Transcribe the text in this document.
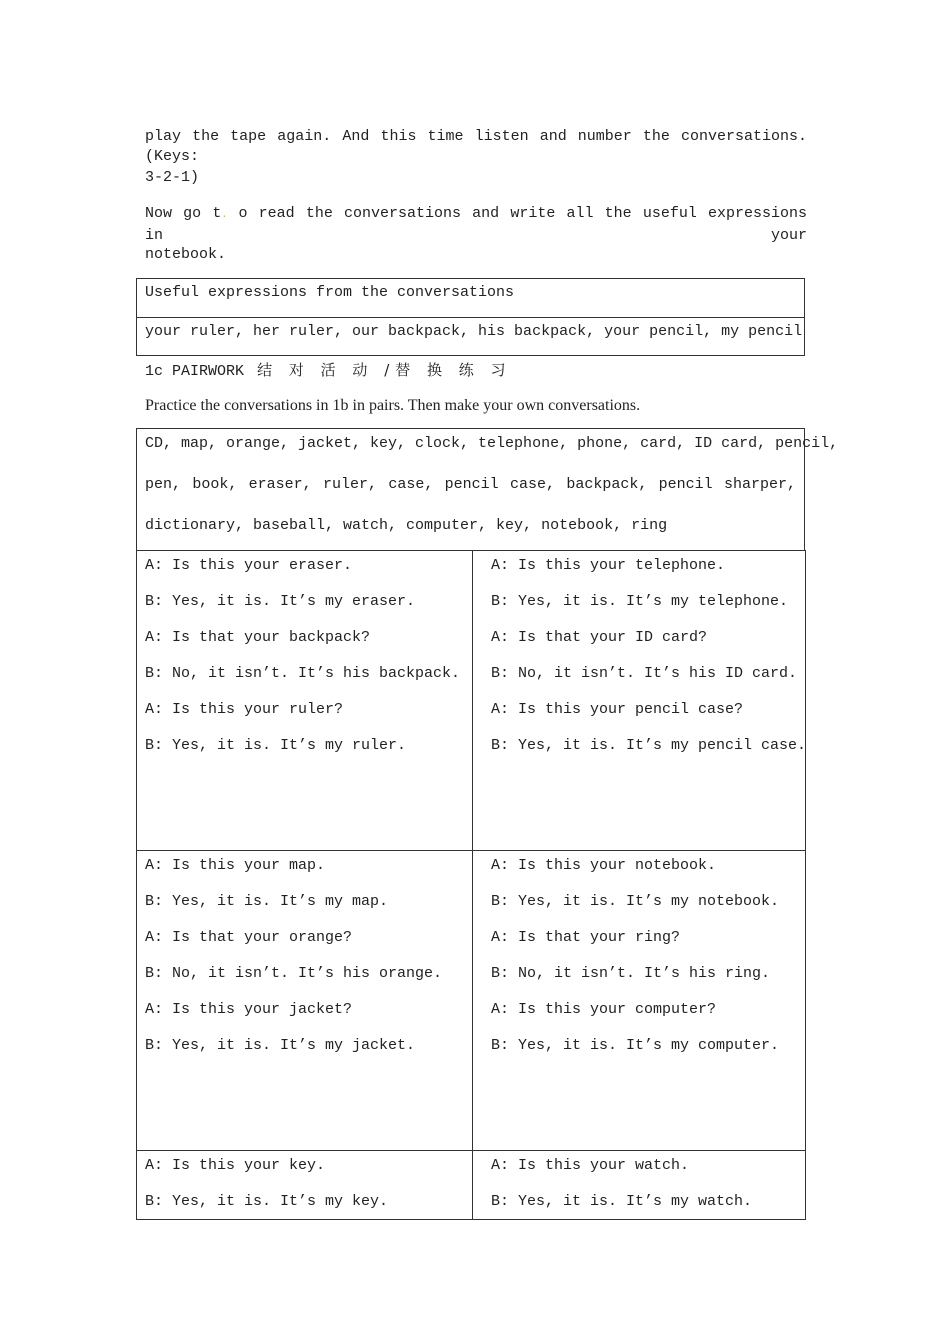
play the tape again. And this time listen and number the conversations. (Keys:
3-2-1)
Now go t. o read the conversations and write all the useful expressions in your
notebook.
Useful expressions from the conversations
your ruler, her ruler, our backpack, his backpack, your pencil, my pencil
1c PAIRWORK 结 对 活 动 /替 换 练 习
Practice the conversations in 1b in pairs. Then make your own conversations.
CD, map, orange, jacket, key, clock, telephone, phone, card, ID card, pencil,
pen, book, eraser, ruler, case, pencil case, backpack, pencil sharper,
dictionary, baseball, watch, computer, key, notebook, ring
A: Is this your eraser.
B: Yes, it is. It’s my eraser.
A: Is that your backpack?
B: No, it isn’t. It’s his backpack.
A: Is this your ruler?
B: Yes, it is. It’s my ruler.
A: Is this your telephone.
B: Yes, it is. It’s my telephone.
A: Is that your ID card?
B: No, it isn’t. It’s his ID card.
A: Is this your pencil case?
B: Yes, it is. It’s my pencil case.
A: Is this your map.
B: Yes, it is. It’s my map.
A: Is that your orange?
B: No, it isn’t. It’s his orange.
A: Is this your jacket?
B: Yes, it is. It’s my jacket.
A: Is this your notebook.
B: Yes, it is. It’s my notebook.
A: Is that your ring?
B: No, it isn’t. It’s his ring.
A: Is this your computer?
B: Yes, it is. It’s my computer.
A: Is this your key.
B: Yes, it is. It’s my key.
A: Is this your watch.
B: Yes, it is. It’s my watch.
